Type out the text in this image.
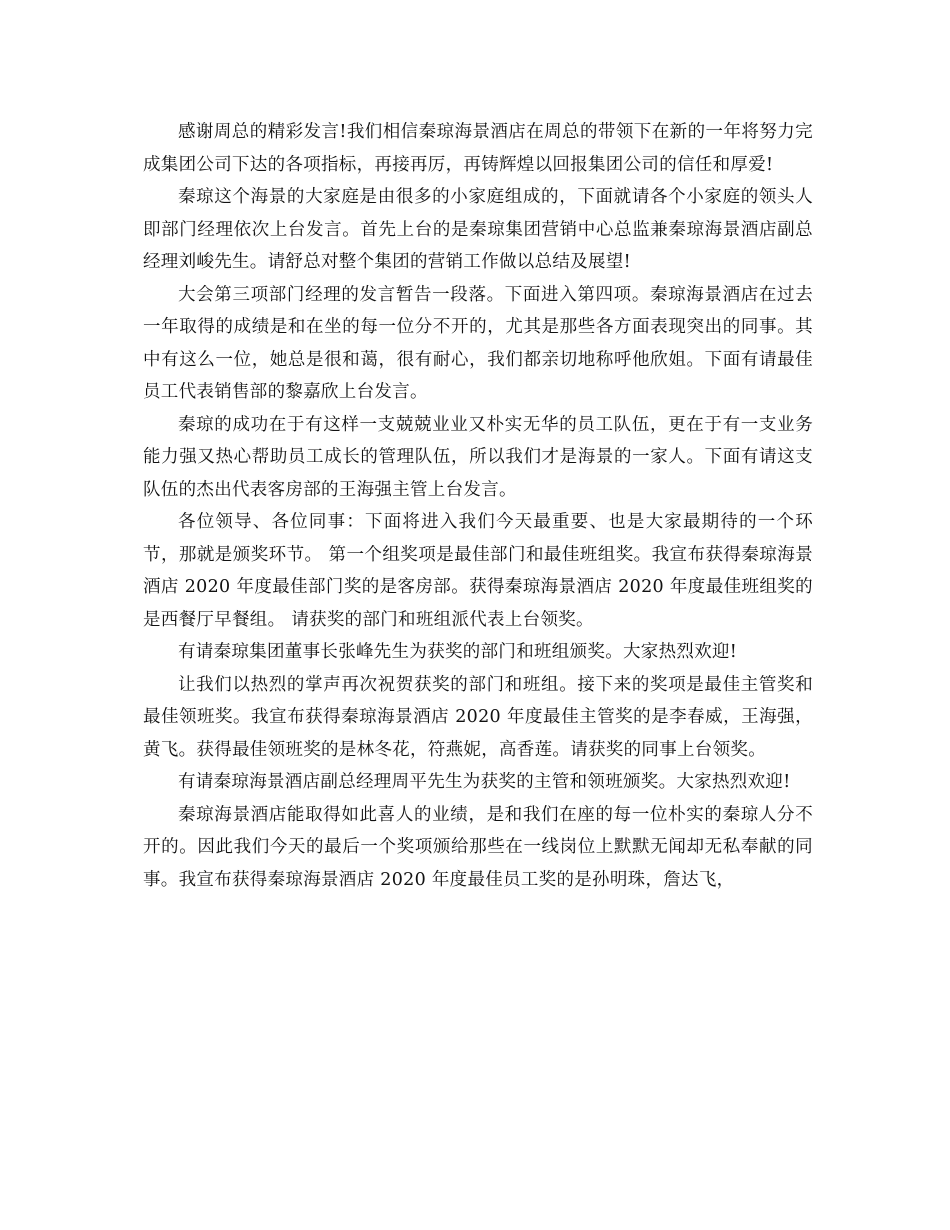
感谢周总的精彩发言!我们相信秦琼海景酒店在周总的带领下在新的一年将努力完成集团公司下达的各项指标，再接再厉，再铸辉煌以回报集团公司的信任和厚爱!

秦琼这个海景的大家庭是由很多的小家庭组成的，下面就请各个小家庭的领头人即部门经理依次上台发言。首先上台的是秦琼集团营销中心总监兼秦琼海景酒店副总经理刘峻先生。请舒总对整个集团的营销工作做以总结及展望!

大会第三项部门经理的发言暂告一段落。下面进入第四项。秦琼海景酒店在过去一年取得的成绩是和在坐的每一位分不开的，尤其是那些各方面表现突出的同事。其中有这么一位，她总是很和蔼，很有耐心，我们都亲切地称呼他欣姐。下面有请最佳员工代表销售部的黎嘉欣上台发言。

秦琼的成功在于有这样一支兢兢业业又朴实无华的员工队伍，更在于有一支业务能力强又热心帮助员工成长的管理队伍，所以我们才是海景的一家人。下面有请这支队伍的杰出代表客房部的王海强主管上台发言。

各位领导、各位同事：下面将进入我们今天最重要、也是大家最期待的一个环节，那就是颁奖环节。 第一个组奖项是最佳部门和最佳班组奖。我宣布获得秦琼海景酒店 2020 年度最佳部门奖的是客房部。获得秦琼海景酒店 2020 年度最佳班组奖的是西餐厅早餐组。 请获奖的部门和班组派代表上台领奖。

有请秦琼集团董事长张峰先生为获奖的部门和班组颁奖。大家热烈欢迎!

让我们以热烈的掌声再次祝贺获奖的部门和班组。接下来的奖项是最佳主管奖和最佳领班奖。我宣布获得秦琼海景酒店 2020 年度最佳主管奖的是李春威，王海强，黄飞。获得最佳领班奖的是林冬花，符燕妮，高香莲。请获奖的同事上台领奖。

有请秦琼海景酒店副总经理周平先生为获奖的主管和领班颁奖。大家热烈欢迎!

秦琼海景酒店能取得如此喜人的业绩，是和我们在座的每一位朴实的秦琼人分不开的。因此我们今天的最后一个奖项颁给那些在一线岗位上默默无闻却无私奉献的同事。我宣布获得秦琼海景酒店 2020 年度最佳员工奖的是孙明珠，詹达飞，
